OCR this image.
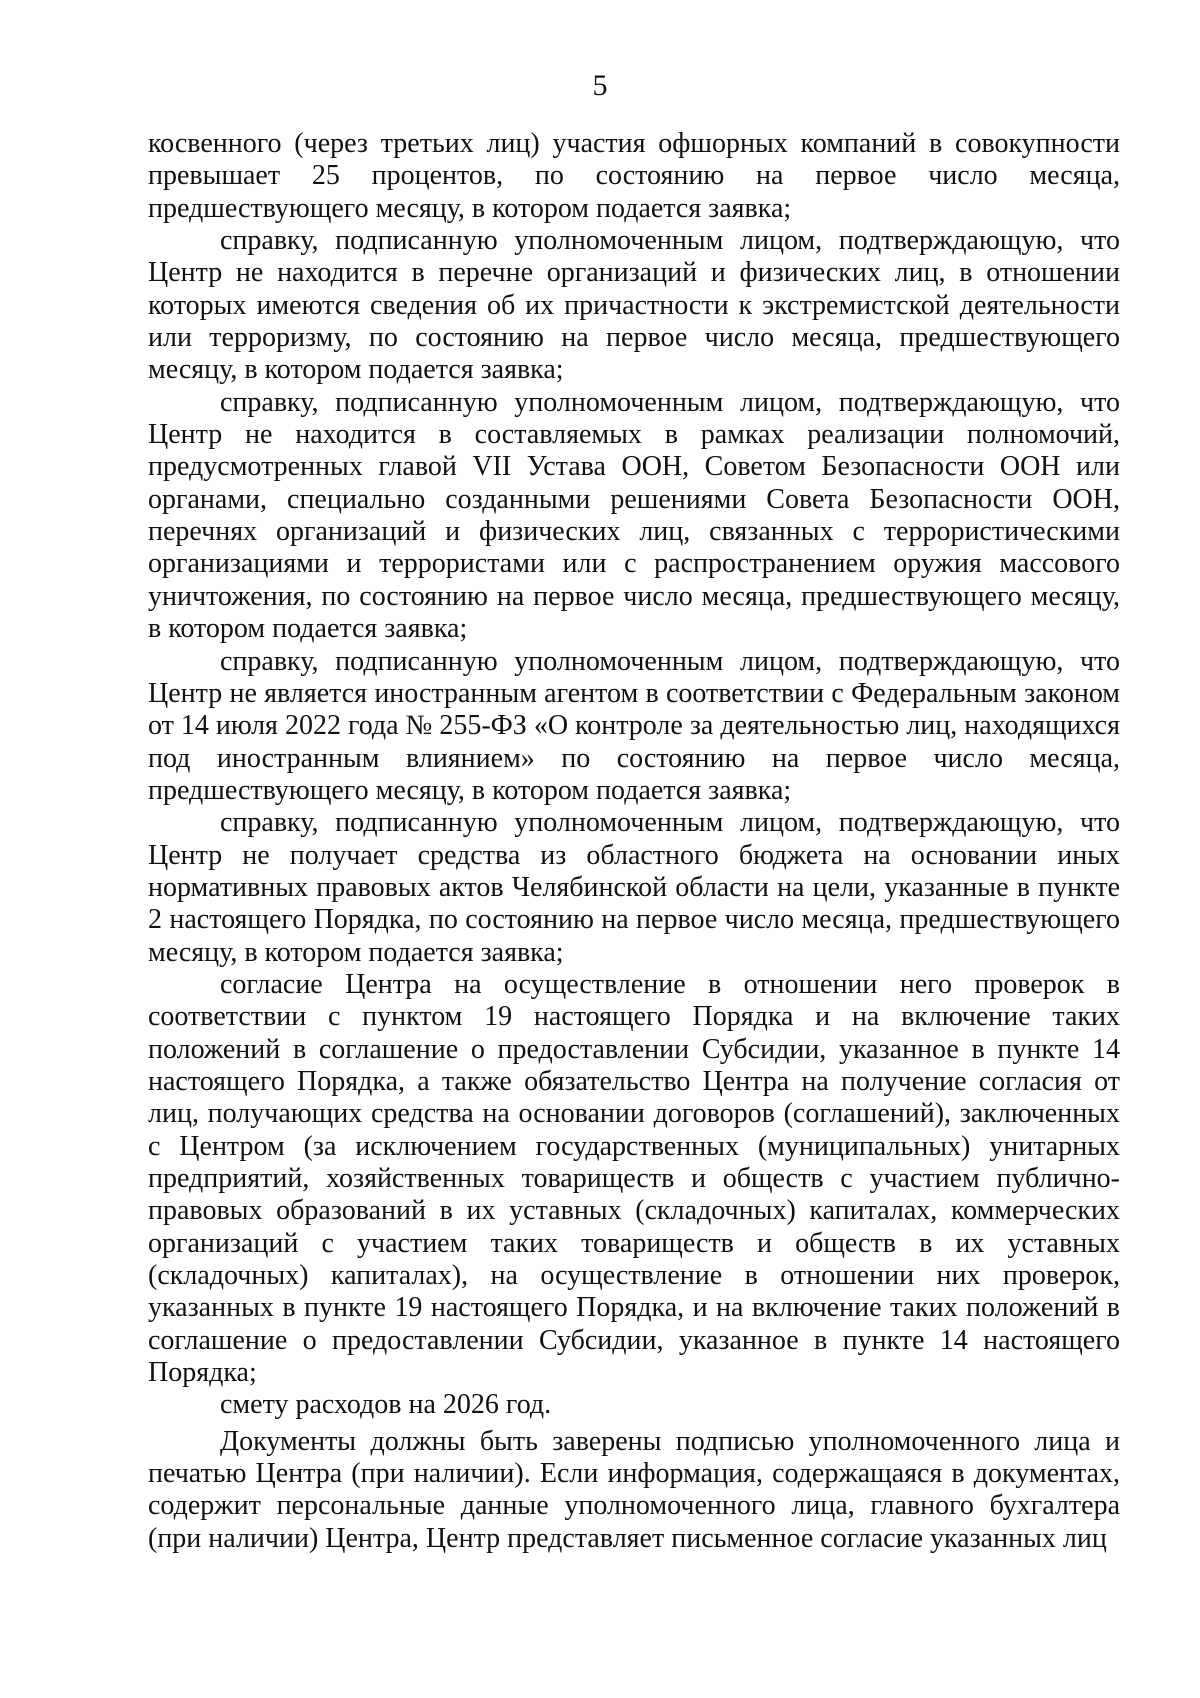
5

косвенного (через третьих лиц) участия офшорных компаний в совокупности превышает 25 процентов, по состоянию на первое число месяца, предшествующего месяцу, в котором подается заявка;

справку, подписанную уполномоченным лицом, подтверждающую, что Центр не находится в перечне организаций и физических лиц, в отношении которых имеются сведения об их причастности к экстремистской деятельности или терроризму, по состоянию на первое число месяца, предшествующего месяцу, в котором подается заявка;

справку, подписанную уполномоченным лицом, подтверждающую, что Центр не находится в составляемых в рамках реализации полномочий, предусмотренных главой VII Устава ООН, Советом Безопасности ООН или органами, специально созданными решениями Совета Безопасности ООН, перечнях организаций и физических лиц, связанных с террористическими организациями и террористами или с распространением оружия массового уничтожения, по состоянию на первое число месяца, предшествующего месяцу, в котором подается заявка;

справку, подписанную уполномоченным лицом, подтверждающую, что Центр не является иностранным агентом в соответствии с Федеральным законом от 14 июля 2022 года № 255-ФЗ «О контроле за деятельностью лиц, находящихся под иностранным влиянием» по состоянию на первое число месяца, предшествующего месяцу, в котором подается заявка;

справку, подписанную уполномоченным лицом, подтверждающую, что Центр не получает средства из областного бюджета на основании иных нормативных правовых актов Челябинской области на цели, указанные в пункте 2 настоящего Порядка, по состоянию на первое число месяца, предшествующего месяцу, в котором подается заявка;

согласие Центра на осуществление в отношении него проверок в соответствии с пунктом 19 настоящего Порядка и на включение таких положений в соглашение о предоставлении Субсидии, указанное в пункте 14 настоящего Порядка, а также обязательство Центра на получение согласия от лиц, получающих средства на основании договоров (соглашений), заключенных с Центром (за исключением государственных (муниципальных) унитарных предприятий, хозяйственных товариществ и обществ с участием публично-правовых образований в их уставных (складочных) капиталах, коммерческих организаций с участием таких товариществ и обществ в их уставных (складочных) капиталах), на осуществление в отношении них проверок, указанных в пункте 19 настоящего Порядка, и на включение таких положений в соглашение о предоставлении Субсидии, указанное в пункте 14 настоящего Порядка;

смету расходов на 2026 год.

Документы должны быть заверены подписью уполномоченного лица и печатью Центра (при наличии). Если информация, содержащаяся в документах, содержит персональные данные уполномоченного лица, главного бухгалтера (при наличии) Центра, Центр представляет письменное согласие указанных лиц
